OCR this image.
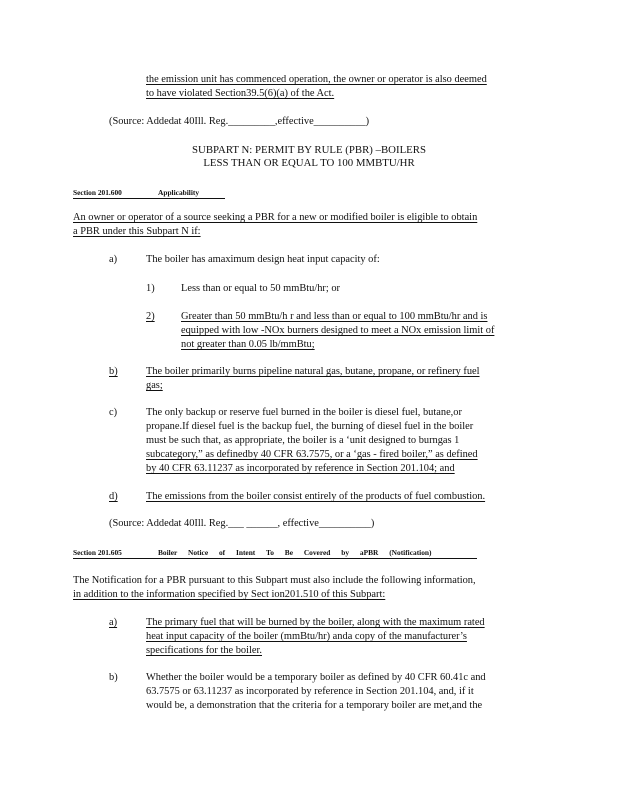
the emission unit has commenced operation, the owner or operator is also deemed
to have violated Section39.5(6)(a) of the Act.
(Source: Addedat 40Ill. Reg._________,effective__________)
SUBPART N: PERMIT BY RULE (PBR) –BOILERS
LESS THAN OR EQUAL TO 100 MMBTU/HR
Section 201.600	Applicability
An owner or operator of a source seeking a PBR for a new or modified boiler is eligible to obtain
a PBR under this Subpart N if:
a)	The boiler has amaximum design heat input capacity of:
1)	Less than or equal to 50 mmBtu/hr; or
2)	Greater than 50 mmBtu/h r and less than or equal to 100 mmBtu/hr and is
equipped with low -NOx burners designed to meet a NOx emission limit of
not greater than 0.05 lb/mmBtu;
b)	The boiler primarily burns pipeline natural gas, butane, propane, or refinery fuel
gas;
c)	The only backup or reserve fuel burned in the boiler is diesel fuel, butane,or
propane.If diesel fuel is the backup fuel, the burning of diesel fuel in the boiler
must be such that, as appropriate, the boiler is a ‘unit designed to burngas 1
subcategory,” as definedby 40 CFR 63.7575, or a ‘gas - fired boiler,” as defined
by 40 CFR 63.11237 as incorporated by reference in Section 201.104; and
d)	The emissions from the boiler consist entirely of the products of fuel combustion.
(Source: Addedat 40Ill. Reg.___ ______, effective__________)
Section 201.605	Boiler Notice of Intent To Be Covered by aPBR (Notification)
The Notification for a PBR pursuant to this Subpart must also include the following information,
in addition to the information specified by Sect ion201.510 of this Subpart:
a)	The primary fuel that will be burned by the boiler, along with the maximum rated
heat input capacity of the boiler (mmBtu/hr) anda copy of the manufacturer’s
specifications for the boiler.
b)	Whether the boiler would be a temporary boiler as defined by 40 CFR 60.41c and
63.7575 or 63.11237 as incorporated by reference in Section 201.104, and, if it
would be, a demonstration that the criteria for a temporary boiler are met,and the
